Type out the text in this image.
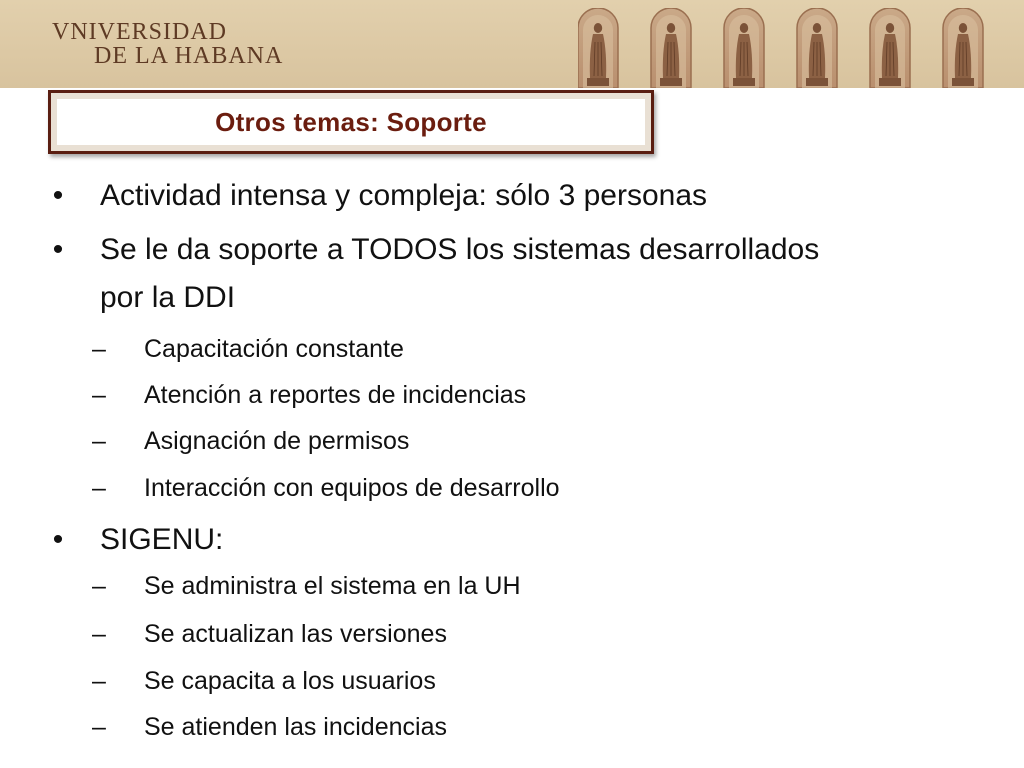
VNIVERSIDAD
DE LA HABANA
Otros temas: Soporte
• Actividad intensa y compleja: sólo 3 personas
• Se le da soporte a TODOS los sistemas desarrollados
por la DDI
–	Capacitación constante
–	Atención a reportes de incidencias
–	Asignación de permisos
–	Interacción con equipos de desarrollo
• SIGENU:
–	Se administra el sistema en la UH
–	Se actualizan las versiones
–	Se capacita a los usuarios
–	Se atienden las incidencias
